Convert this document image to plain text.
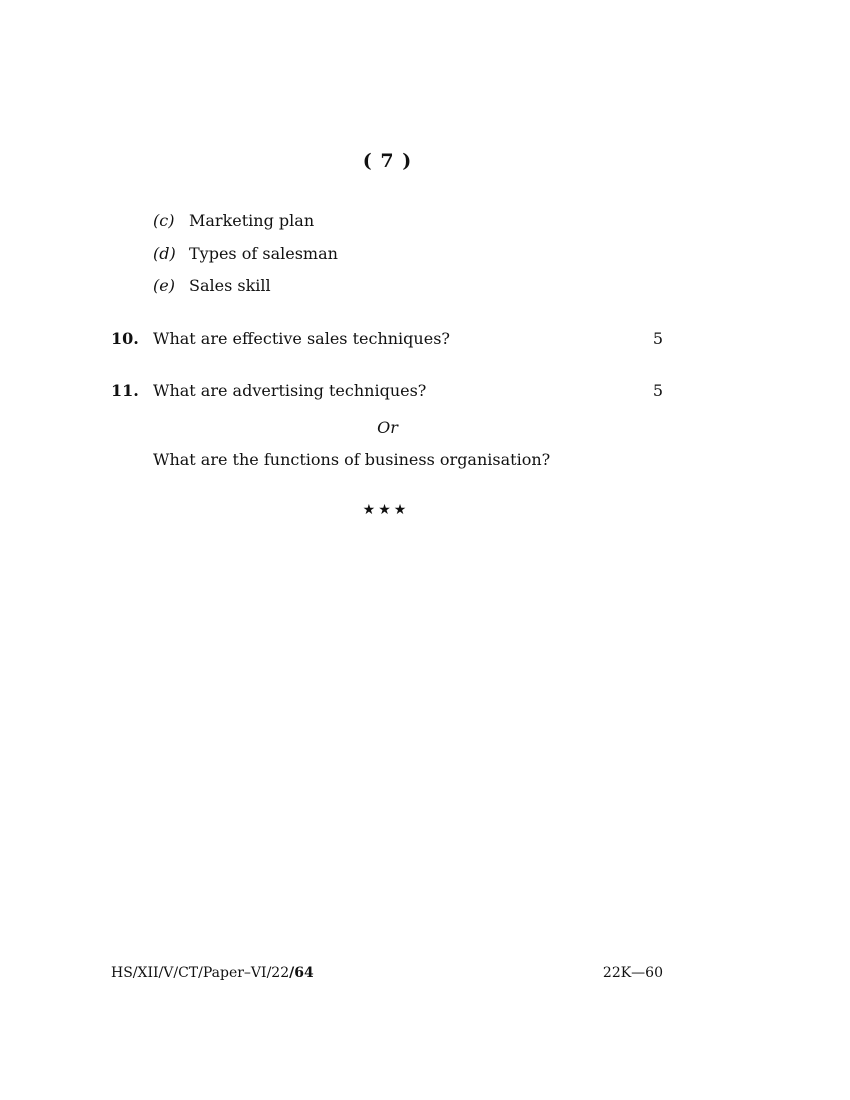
( 7 )
(c) Marketing plan
(d) Types of salesman
(e) Sales skill
10. What are effective sales techniques?	5
11. What are advertising techniques?	5
Or
What are the functions of business organisation?
★★★
HS/XII/V/CT/Paper–VI/22/64	22K—60
